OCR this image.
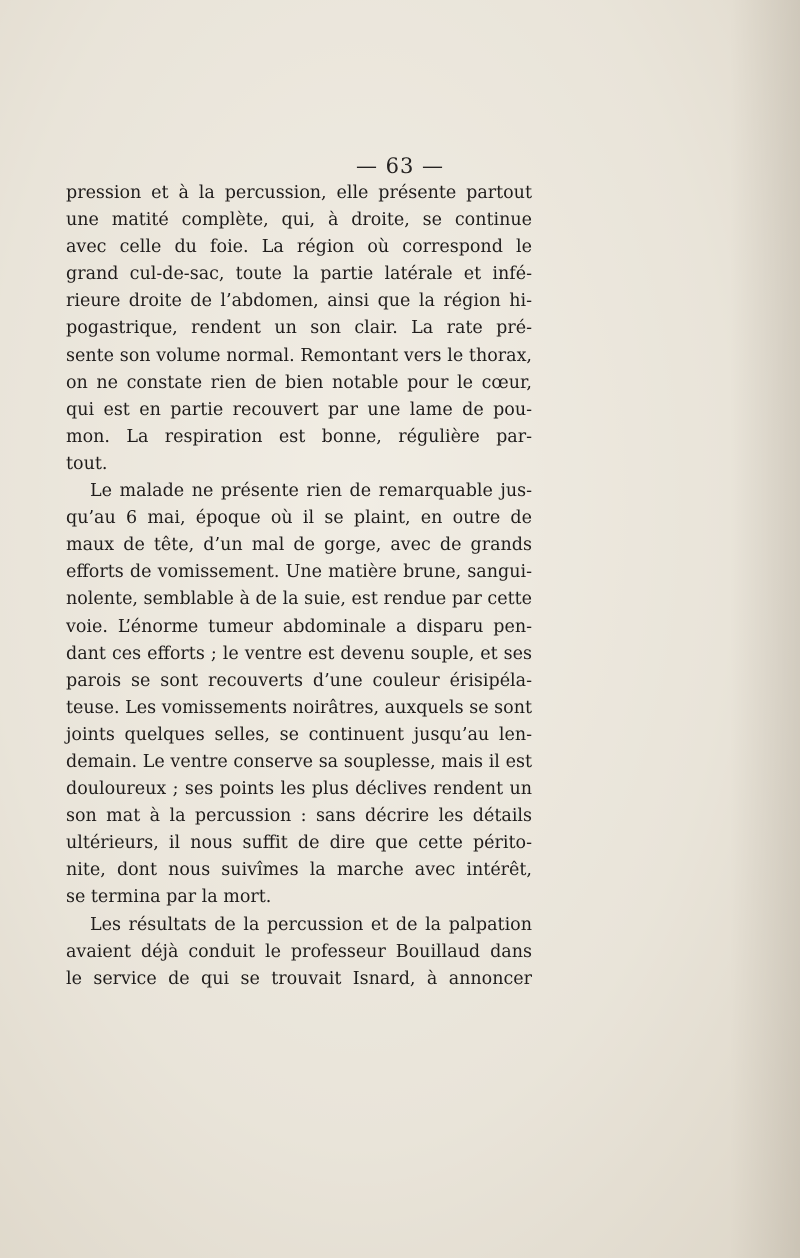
— 63 —
pression et à la percussion, elle présente partout
une matité complète, qui, à droite, se continue
avec celle du foie. La région où correspond le
grand cul-de-sac, toute la partie latérale et infé-
rieure droite de l’abdomen, ainsi que la région hi-
pogastrique, rendent un son clair. La rate pré-
sente son volume normal. Remontant vers le thorax,
on ne constate rien de bien notable pour le cœur,
qui est en partie recouvert par une lame de pou-
mon. La respiration est bonne, régulière par-
tout.
Le malade ne présente rien de remarquable jus-
qu’au 6 mai, époque où il se plaint, en outre de
maux de tête, d’un mal de gorge, avec de grands
efforts de vomissement. Une matière brune, sangui-
nolente, semblable à de la suie, est rendue par cette
voie. L’énorme tumeur abdominale a disparu pen-
dant ces efforts ; le ventre est devenu souple, et ses
parois se sont recouverts d’une couleur érisipéla-
teuse. Les vomissements noirâtres, auxquels se sont
joints quelques selles, se continuent jusqu’au len-
demain. Le ventre conserve sa souplesse, mais il est
douloureux ; ses points les plus déclives rendent un
son mat à la percussion : sans décrire les détails
ultérieurs, il nous suffit de dire que cette périto-
nite, dont nous suivîmes la marche avec intérêt,
se termina par la mort.
Les résultats de la percussion et de la palpation
avaient déjà conduit le professeur Bouillaud dans
le service de qui se trouvait Isnard, à annoncer
